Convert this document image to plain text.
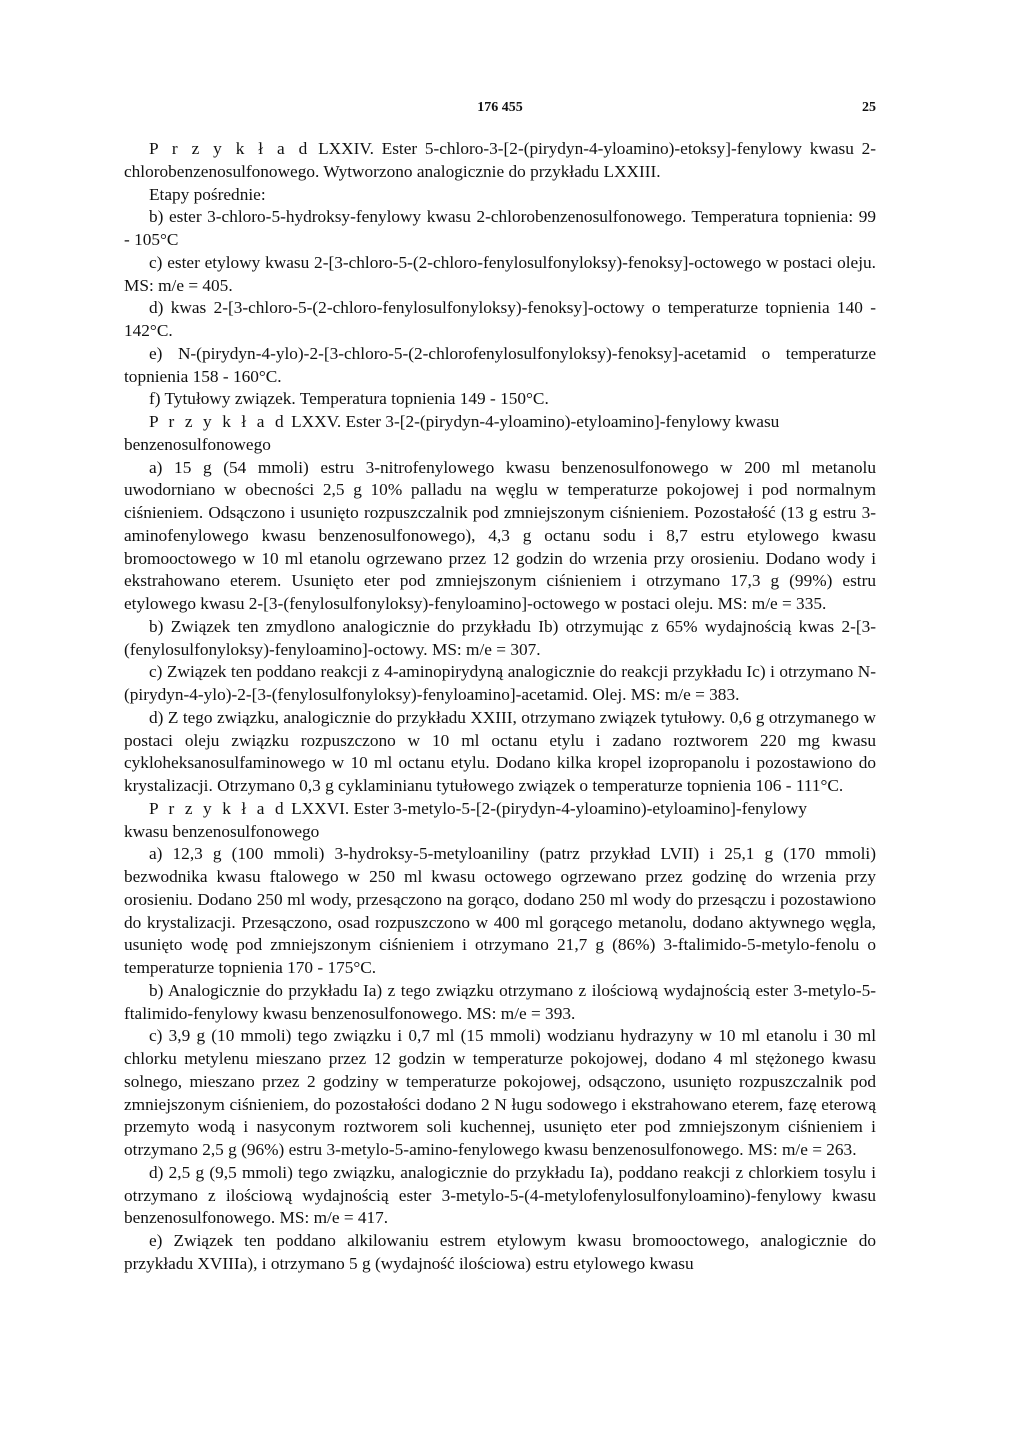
176 455	25

P r z y k ł a d LXXIV. Ester 5-chloro-3-[2-(pirydyn-4-yloamino)-etoksy]-fenylowy kwasu 2-chlorobenzenosulfonowego. Wytworzono analogicznie do przykładu LXXIII.

Etapy pośrednie:

b) ester 3-chloro-5-hydroksy-fenylowy kwasu 2-chlorobenzenosulfonowego. Temperatura topnienia: 99 - 105°C

c) ester etylowy kwasu 2-[3-chloro-5-(2-chloro-fenylosulfonyloksy)-fenoksy]-octowego w postaci oleju. MS: m/e = 405.

d) kwas 2-[3-chloro-5-(2-chloro-fenylosulfonyloksy)-fenoksy]-octowy o temperaturze topnienia 140 - 142°C.

e) N-(pirydyn-4-ylo)-2-[3-chloro-5-(2-chlorofenylosulfonyloksy)-fenoksy]-acetamid o temperaturze topnienia 158 - 160°C.

f) Tytułowy związek. Temperatura topnienia 149 - 150°C.

P r z y k ł a d LXXV. Ester 3-[2-(pirydyn-4-yloamino)-etyloamino]-fenylowy kwasu

benzenosulfonowego

a) 15 g (54 mmoli) estru 3-nitrofenylowego kwasu benzenosulfonowego w 200 ml metanolu uwodorniano w obecności 2,5 g 10% palladu na węglu w temperaturze pokojowej i pod normalnym ciśnieniem. Odsączono i usunięto rozpuszczalnik pod zmniejszonym ciśnieniem. Pozostałość (13 g estru 3-aminofenylowego kwasu benzenosulfonowego), 4,3 g octanu sodu i 8,7 estru etylowego kwasu bromooctowego w 10 ml etanolu ogrzewano przez 12 godzin do wrzenia przy orosieniu. Dodano wody i ekstrahowano eterem. Usunięto eter pod zmniejszonym ciśnieniem i otrzymano 17,3 g (99%) estru etylowego kwasu 2-[3-(fenylosulfonyloksy)-fenyloamino]-octowego w postaci oleju. MS: m/e = 335.

b) Związek ten zmydlono analogicznie do przykładu Ib) otrzymując z 65% wydajnością kwas 2-[3-(fenylosulfonyloksy)-fenyloamino]-octowy. MS: m/e = 307.

c) Związek ten poddano reakcji z 4-aminopirydyną analogicznie do reakcji przykładu Ic) i otrzymano N-(pirydyn-4-ylo)-2-[3-(fenylosulfonyloksy)-fenyloamino]-acetamid. Olej. MS: m/e = 383.

d) Z tego związku, analogicznie do przykładu XXIII, otrzymano związek tytułowy. 0,6 g otrzymanego w postaci oleju związku rozpuszczono w 10 ml octanu etylu i zadano roztworem 220 mg kwasu cykloheksanosulfaminowego w 10 ml octanu etylu. Dodano kilka kropel izopropanolu i pozostawiono do krystalizacji. Otrzymano 0,3 g cyklaminianu tytułowego związek o temperaturze topnienia 106 - 111°C.

P r z y k ł a d LXXVI. Ester 3-metylo-5-[2-(pirydyn-4-yloamino)-etyloamino]-fenylowy

kwasu benzenosulfonowego

a) 12,3 g (100 mmoli) 3-hydroksy-5-metyloaniliny (patrz przykład LVII) i 25,1 g (170 mmoli) bezwodnika kwasu ftalowego w 250 ml kwasu octowego ogrzewano przez godzinę do wrzenia przy orosieniu. Dodano 250 ml wody, przesączono na gorąco, dodano 250 ml wody do przesączu i pozostawiono do krystalizacji. Przesączono, osad rozpuszczono w 400 ml gorącego metanolu, dodano aktywnego węgla, usunięto wodę pod zmniejszonym ciśnieniem i otrzymano 21,7 g (86%) 3-ftalimido-5-metylo-fenolu o temperaturze topnienia 170 - 175°C.

b) Analogicznie do przykładu Ia) z tego związku otrzymano z ilościową wydajnością ester 3-metylo-5-ftalimido-fenylowy kwasu benzenosulfonowego. MS: m/e = 393.

c) 3,9 g (10 mmoli) tego związku i 0,7 ml (15 mmoli) wodzianu hydrazyny w 10 ml etanolu i 30 ml chlorku metylenu mieszano przez 12 godzin w temperaturze pokojowej, dodano 4 ml stężonego kwasu solnego, mieszano przez 2 godziny w temperaturze pokojowej, odsączono, usunięto rozpuszczalnik pod zmniejszonym ciśnieniem, do pozostałości dodano 2 N ługu sodowego i ekstrahowano eterem, fazę eterową przemyto wodą i nasyconym roztworem soli kuchennej, usunięto eter pod zmniejszonym ciśnieniem i otrzymano 2,5 g (96%) estru 3-metylo-5-amino-fenylowego kwasu benzenosulfonowego. MS: m/e = 263.

d) 2,5 g (9,5 mmoli) tego związku, analogicznie do przykładu Ia), poddano reakcji z chlorkiem tosylu i otrzymano z ilościową wydajnością ester 3-metylo-5-(4-metylofenylosulfonyloamino)-fenylowy kwasu benzenosulfonowego. MS: m/e = 417.

e) Związek ten poddano alkilowaniu estrem etylowym kwasu bromooctowego, analogicznie do przykładu XVIIIa), i otrzymano 5 g (wydajność ilościowa) estru etylowego kwasu
